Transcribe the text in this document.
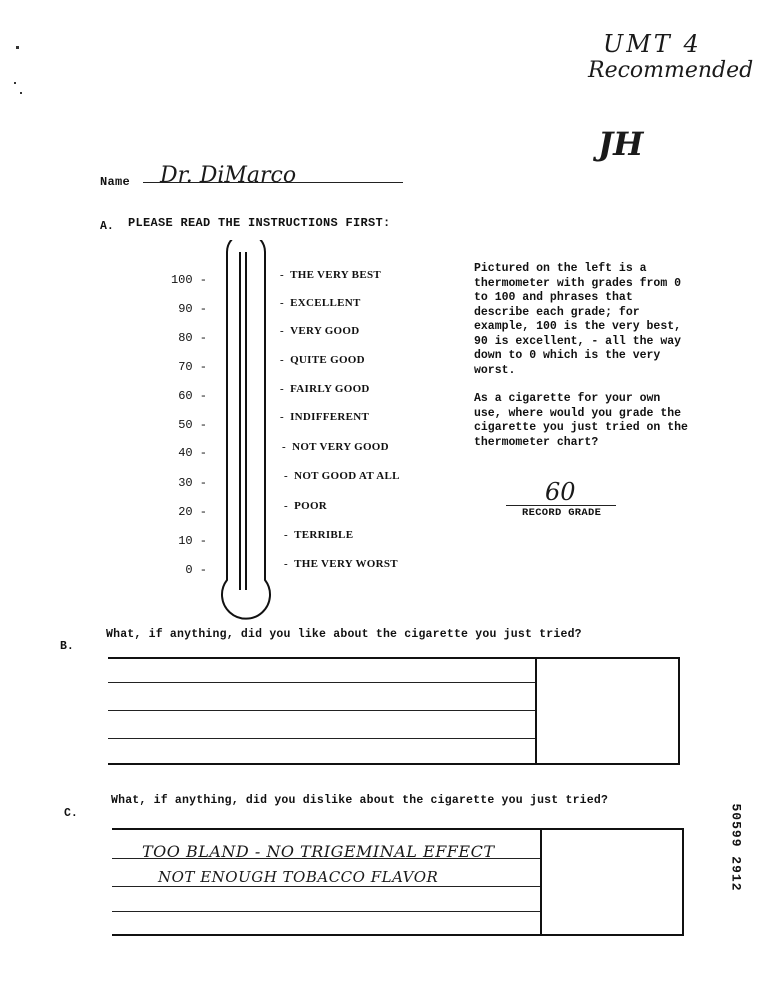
UMT 4
Recommended
JH
Name Dr. DiMarco
A. PLEASE READ THE INSTRUCTIONS FIRST:
100 -
90 -
80 -
70 -
60 -
50 -
40 -
30 -
20 -
10 -
0 -
-  THE VERY BEST
-  EXCELLENT
-  VERY GOOD
-  QUITE GOOD
-  FAIRLY GOOD
-  INDIFFERENT
-  NOT VERY GOOD
-  NOT GOOD AT ALL
-  POOR
-  TERRIBLE
-  THE VERY WORST
Pictured on the left is a thermometer with grades from 0 to 100 and phrases that describe each grade; for example, 100 is the very best, 90 is excellent, - all the way down to 0 which is the very worst.
As a cigarette for your own use, where would you grade the cigarette you just tried on the thermometer chart?
60
RECORD GRADE
B.
What, if anything, did you like about the cigarette you just tried?
C.
What, if anything, did you dislike about the cigarette you just tried?
TOO BLAND - NO TRIGEMINAL EFFECT
NOT ENOUGH TOBACCO FLAVOR	50599 2912
